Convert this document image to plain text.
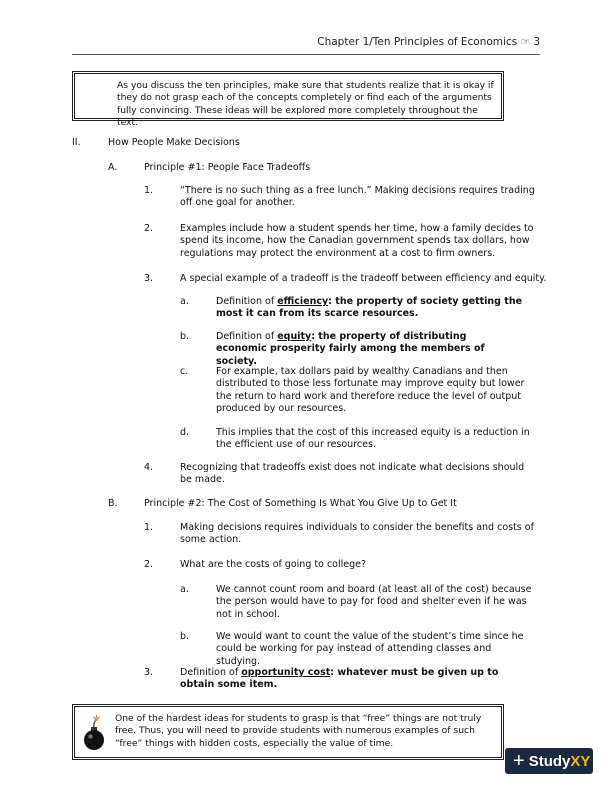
Chapter 1/Ten Principles of Economics ☞ 3
As you discuss the ten principles, make sure that students realize that it is okay if they do not grasp each of the concepts completely or find each of the arguments fully convincing. These ideas will be explored more completely throughout the text.
II.	How People Make Decisions
A.	Principle #1: People Face Tradeoffs
1.	“There is no such thing as a free lunch.” Making decisions requires trading off one goal for another.
2.	Examples include how a student spends her time, how a family decides to spend its income, how the Canadian government spends tax dollars, how regulations may protect the environment at a cost to firm owners.
3.	A special example of a tradeoff is the tradeoff between efficiency and equity.
a.	Definition of efficiency: the property of society getting the most it can from its scarce resources.
b.	Definition of equity: the property of distributing economic prosperity fairly among the members of society.
c.	For example, tax dollars paid by wealthy Canadians and then distributed to those less fortunate may improve equity but lower the return to hard work and therefore reduce the level of output produced by our resources.
d.	This implies that the cost of this increased equity is a reduction in the efficient use of our resources.
4.	Recognizing that tradeoffs exist does not indicate what decisions should be made.
B.	Principle #2: The Cost of Something Is What You Give Up to Get It
1.	Making decisions requires individuals to consider the benefits and costs of some action.
2.	What are the costs of going to college?
a.	We cannot count room and board (at least all of the cost) because the person would have to pay for food and shelter even if he was not in school.
b.	We would want to count the value of the student’s time since he could be working for pay instead of attending classes and studying.
3.	Definition of opportunity cost: whatever must be given up to obtain some item.
One of the hardest ideas for students to grasp is that “free” things are not truly free. Thus, you will need to provide students with numerous examples of such “free” things with hidden costs, especially the value of time.
+ Study XY
